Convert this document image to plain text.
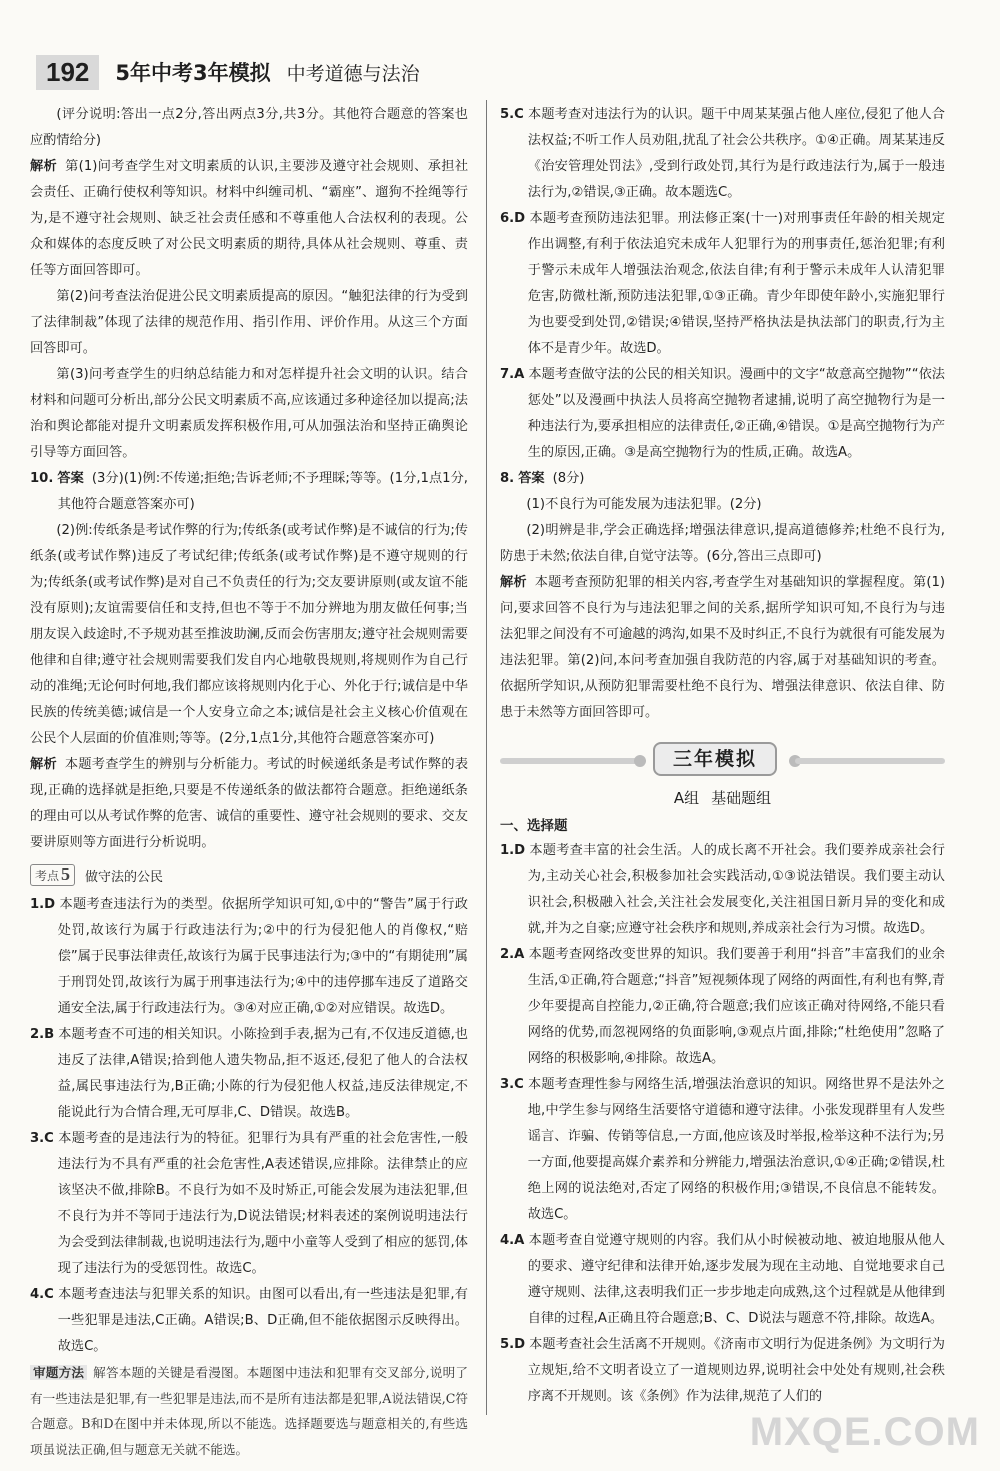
192	5年中考3年模拟 中考道德与法治

(评分说明:答出一点2分,答出两点3分,共3分。其他符合题意的答案也应酌情给分)

解析 第(1)问考查学生对文明素质的认识,主要涉及遵守社会规则、承担社会责任、正确行使权利等知识。材料中纠缠司机、“霸座”、遛狗不拴绳等行为,是不遵守社会规则、缺乏社会责任感和不尊重他人合法权利的表现。公众和媒体的态度反映了对公民文明素质的期待,具体从社会规则、尊重、责任等方面回答即可。

第(2)问考查法治促进公民文明素质提高的原因。“触犯法律的行为受到了法律制裁”体现了法律的规范作用、指引作用、评价作用。从这三个方面回答即可。

第(3)问考查学生的归纳总结能力和对怎样提升社会文明的认识。结合材料和问题可分析出,部分公民文明素质不高,应该通过多种途径加以提高;法治和舆论都能对提升文明素质发挥积极作用,可从加强法治和坚持正确舆论引导等方面回答。

10. 答案 (3分)(1)例:不传递;拒绝;告诉老师;不予理睬;等等。(1分,1点1分,其他符合题意答案亦可)

(2)例:传纸条是考试作弊的行为;传纸条(或考试作弊)是不诚信的行为;传纸条(或考试作弊)违反了考试纪律;传纸条(或考试作弊)是不遵守规则的行为;传纸条(或考试作弊)是对自己不负责任的行为;交友要讲原则(或友谊不能没有原则);友谊需要信任和支持,但也不等于不加分辨地为朋友做任何事;当朋友误入歧途时,不予规劝甚至推波助澜,反而会伤害朋友;遵守社会规则需要他律和自律;遵守社会规则需要我们发自内心地敬畏规则,将规则作为自己行动的准绳;无论何时何地,我们都应该将规则内化于心、外化于行;诚信是中华民族的传统美德;诚信是一个人安身立命之本;诚信是社会主义核心价值观在公民个人层面的价值准则;等等。(2分,1点1分,其他符合题意答案亦可)

解析 本题考查学生的辨别与分析能力。考试的时候递纸条是考试作弊的表现,正确的选择就是拒绝,只要是不传递纸条的做法都符合题意。拒绝递纸条的理由可以从考试作弊的危害、诚信的重要性、遵守社会规则的要求、交友要讲原则等方面进行分析说明。

考点 5	做守法的公民

1.D 本题考查违法行为的类型。依据所学知识可知,①中的“警告”属于行政处罚,故该行为属于行政违法行为;②中的行为侵犯他人的肖像权,“赔偿”属于民事法律责任,故该行为属于民事违法行为;③中的“有期徒刑”属于刑罚处罚,故该行为属于刑事违法行为;④中的违停挪车违反了道路交通安全法,属于行政违法行为。③④对应正确,①②对应错误。故选D。

2.B 本题考查不可违的相关知识。小陈捡到手表,据为己有,不仅违反道德,也违反了法律,A错误;拾到他人遗失物品,拒不返还,侵犯了他人的合法权益,属民事违法行为,B正确;小陈的行为侵犯他人权益,违反法律规定,不能说此行为合情合理,无可厚非,C、D错误。故选B。

3.C 本题考查的是违法行为的特征。犯罪行为具有严重的社会危害性,一般违法行为不具有严重的社会危害性,A表述错误,应排除。法律禁止的应该坚决不做,排除B。不良行为如不及时矫正,可能会发展为违法犯罪,但不良行为并不等同于违法行为,D说法错误;材料表述的案例说明违法行为会受到法律制裁,也说明违法行为,题中小童等人受到了相应的惩罚,体现了违法行为的受惩罚性。故选C。

4.C 本题考查违法与犯罪关系的知识。由图可以看出,有一些违法是犯罪,有一些犯罪是违法,C正确。A错误;B、D正确,但不能依据图示反映得出。故选C。

审题方法 解答本题的关键是看漫图。本题图中违法和犯罪有交叉部分,说明了有一些违法是犯罪,有一些犯罪是违法,而不是所有违法都是犯罪,A说法错误,C符合题意。B和D在图中并未体现,所以不能选。选择题要选与题意相关的,有些选项虽说法正确,但与题意无关就不能选。

5.C 本题考查对违法行为的认识。题干中周某某强占他人座位,侵犯了他人合法权益;不听工作人员劝阻,扰乱了社会公共秩序。①④正确。周某某违反《治安管理处罚法》,受到行政处罚,其行为是行政违法行为,属于一般违法行为,②错误,③正确。故本题选C。

6.D 本题考查预防违法犯罪。刑法修正案(十一)对刑事责任年龄的相关规定作出调整,有利于依法追究未成年人犯罪行为的刑事责任,惩治犯罪;有利于警示未成年人增强法治观念,依法自律;有利于警示未成年人认清犯罪危害,防微杜渐,预防违法犯罪,①③正确。青少年即使年龄小,实施犯罪行为也要受到处罚,②错误;④错误,坚持严格执法是执法部门的职责,行为主体不是青少年。故选D。

7.A 本题考查做守法的公民的相关知识。漫画中的文字“故意高空抛物”“依法惩处”以及漫画中执法人员将高空抛物者逮捕,说明了高空抛物行为是一种违法行为,要承担相应的法律责任,②正确,④错误。①是高空抛物行为产生的原因,正确。③是高空抛物行为的性质,正确。故选A。

8. 答案 (8分)

(1)不良行为可能发展为违法犯罪。(2分)

(2)明辨是非,学会正确选择;增强法律意识,提高道德修养;杜绝不良行为,防患于未然;依法自律,自觉守法等。(6分,答出三点即可)

解析 本题考查预防犯罪的相关内容,考查学生对基础知识的掌握程度。第(1)问,要求回答不良行为与违法犯罪之间的关系,据所学知识可知,不良行为与违法犯罪之间没有不可逾越的鸿沟,如果不及时纠正,不良行为就很有可能发展为违法犯罪。第(2)问,本问考查加强自我防范的内容,属于对基础知识的考查。依据所学知识,从预防犯罪需要杜绝不良行为、增强法律意识、依法自律、防患于未然等方面回答即可。

三年模拟
A组 基础题组
一、选择题

1.D 本题考查丰富的社会生活。人的成长离不开社会。我们要养成亲社会行为,主动关心社会,积极参加社会实践活动,①③说法错误。我们要主动认识社会,积极融入社会,关注社会发展变化,关注祖国日新月异的变化和成就,并为之自豪;应遵守社会秩序和规则,养成亲社会行为习惯。故选D。

2.A 本题考查网络改变世界的知识。我们要善于利用“抖音”丰富我们的业余生活,①正确,符合题意;“抖音”短视频体现了网络的两面性,有利也有弊,青少年要提高自控能力,②正确,符合题意;我们应该正确对待网络,不能只看网络的优势,而忽视网络的负面影响,③观点片面,排除;“杜绝使用”忽略了网络的积极影响,④排除。故选A。

3.C 本题考查理性参与网络生活,增强法治意识的知识。网络世界不是法外之地,中学生参与网络生活要恪守道德和遵守法律。小张发现群里有人发些谣言、诈骗、传销等信息,一方面,他应该及时举报,检举这种不法行为;另一方面,他要提高媒介素养和分辨能力,增强法治意识,①④正确;②错误,杜绝上网的说法绝对,否定了网络的积极作用;③错误,不良信息不能转发。故选C。

4.A 本题考查自觉遵守规则的内容。我们从小时候被动地、被迫地服从他人的要求、遵守纪律和法律开始,逐步发展为现在主动地、自觉地要求自己遵守规则、法律,这表明我们正一步步地走向成熟,这个过程就是从他律到自律的过程,A正确且符合题意;B、C、D说法与题意不符,排除。故选A。

5.D 本题考查社会生活离不开规则。《济南市文明行为促进条例》为文明行为立规矩,给不文明者设立了一道规则边界,说明社会中处处有规则,社会秩序离不开规则。该《条例》作为法律,规范了人们的

MXQE.COM
